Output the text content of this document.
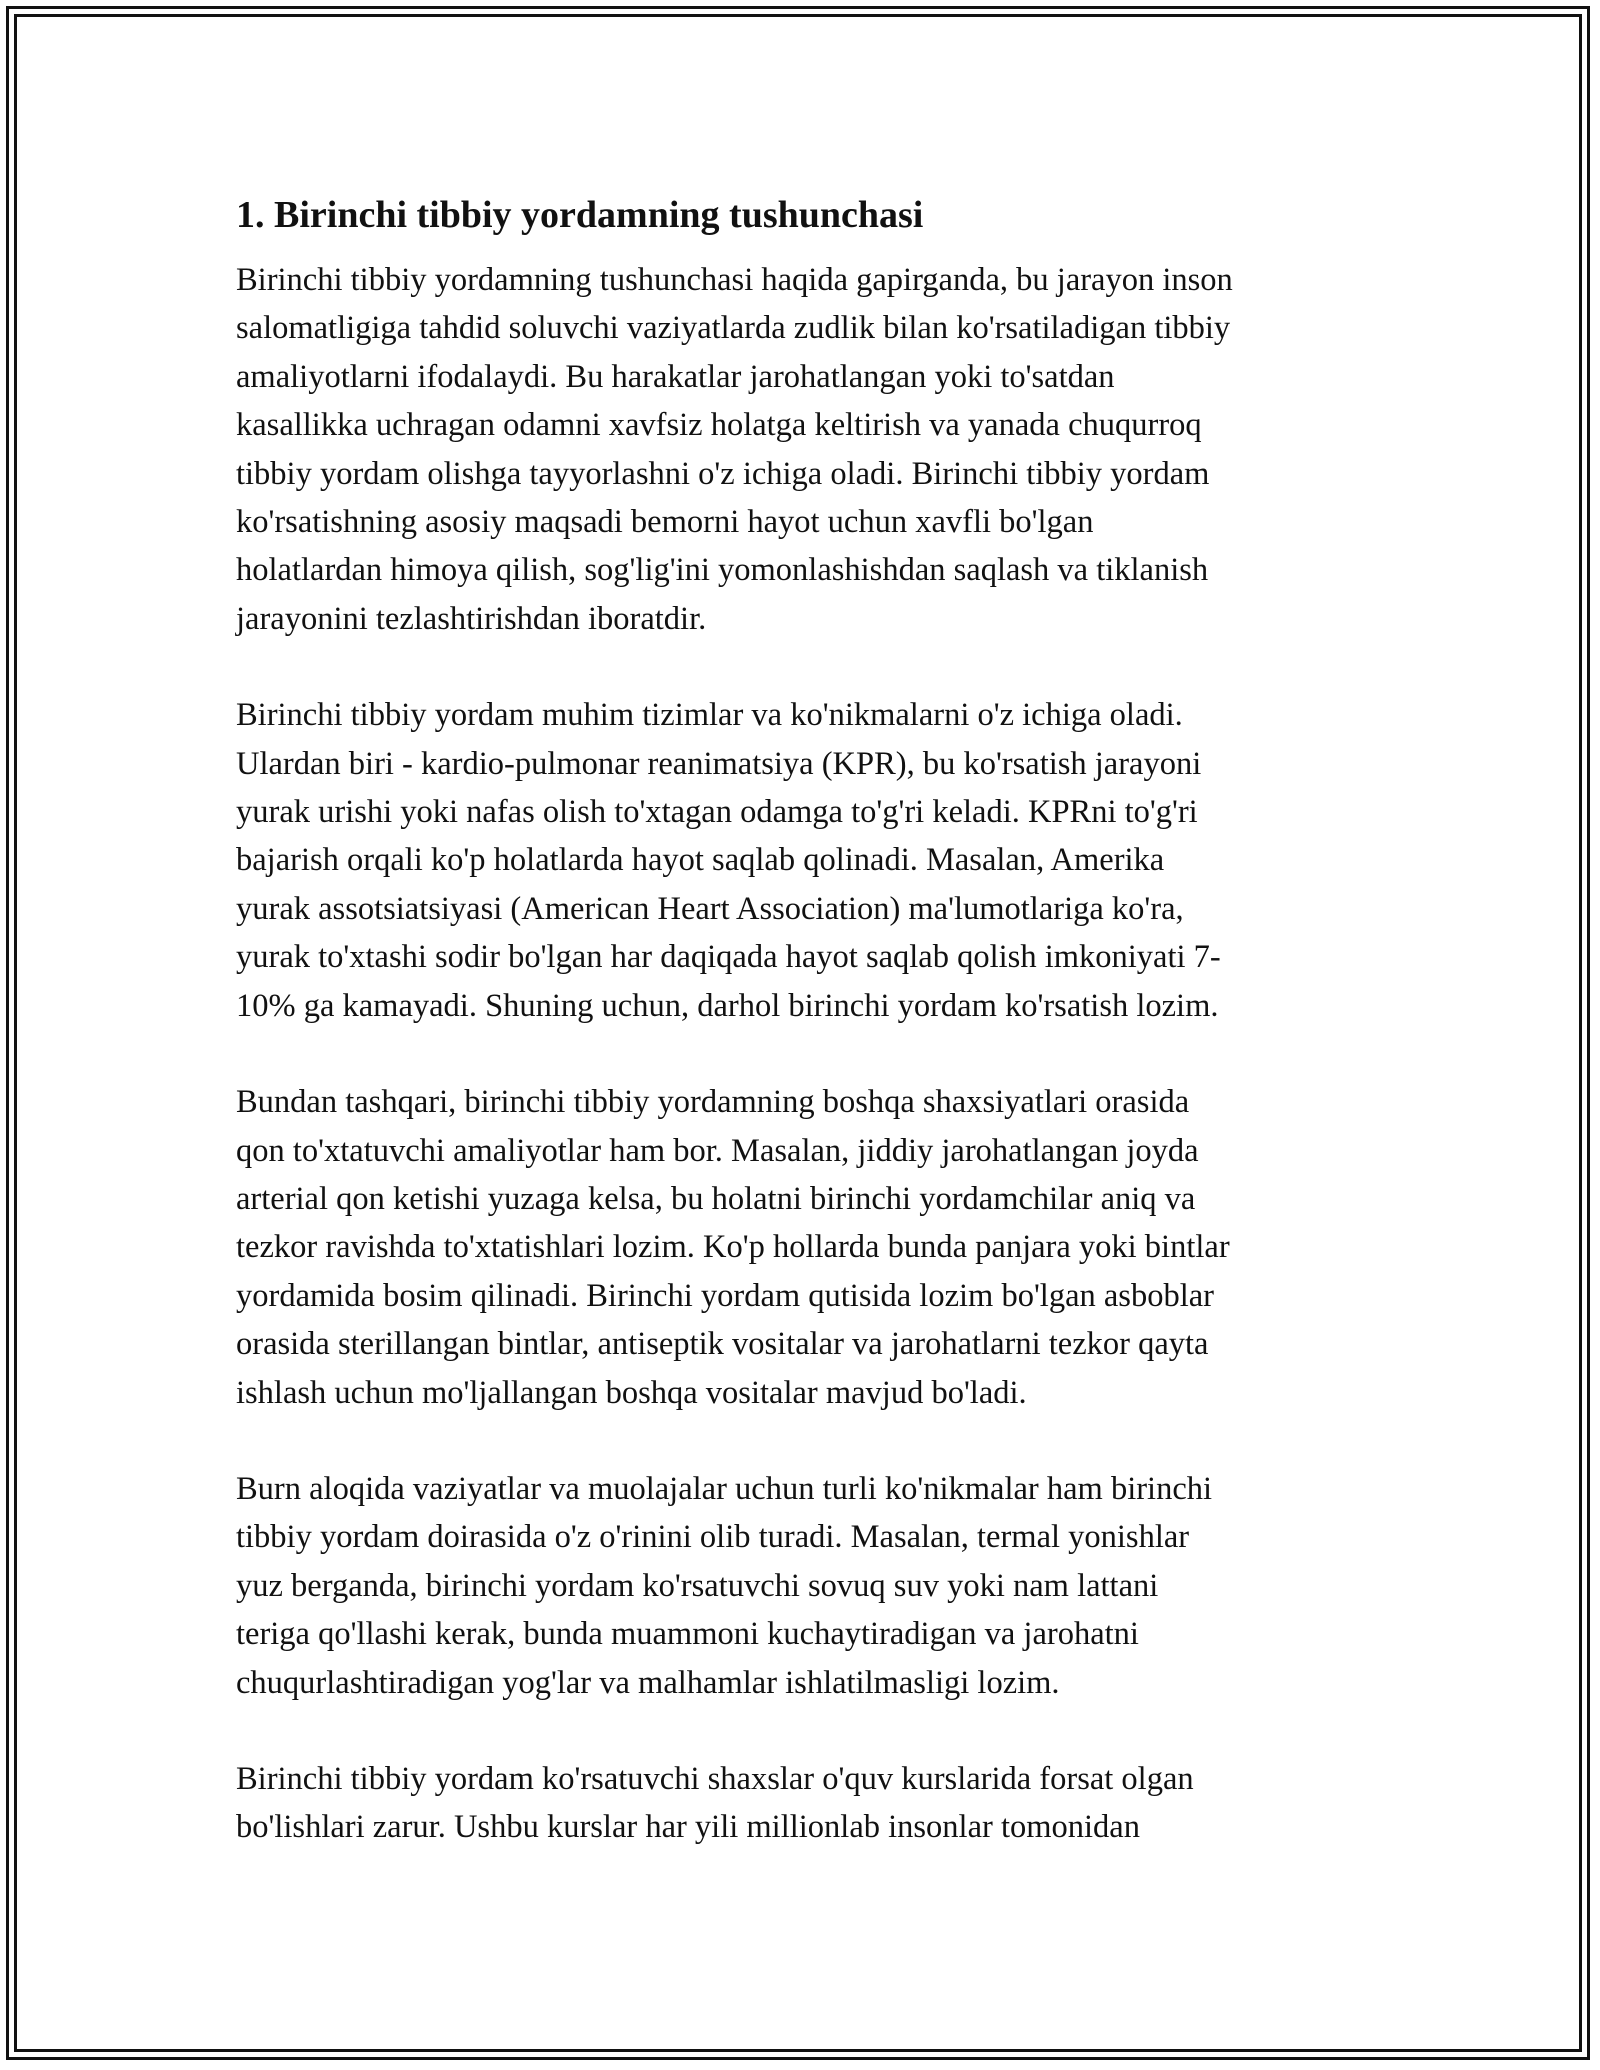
1. Birinchi tibbiy yordamning tushunchasi
Birinchi tibbiy yordamning tushunchasi haqida gapirganda, bu jarayon inson
salomatligiga tahdid soluvchi vaziyatlarda zudlik bilan ko'rsatiladigan tibbiy
amaliyotlarni ifodalaydi. Bu harakatlar jarohatlangan yoki to'satdan
kasallikka uchragan odamni xavfsiz holatga keltirish va yanada chuqurroq
tibbiy yordam olishga tayyorlashni o'z ichiga oladi. Birinchi tibbiy yordam
ko'rsatishning asosiy maqsadi bemorni hayot uchun xavfli bo'lgan
holatlardan himoya qilish, sog'lig'ini yomonlashishdan saqlash va tiklanish
jarayonini tezlashtirishdan iboratdir.
Birinchi tibbiy yordam muhim tizimlar va ko'nikmalarni o'z ichiga oladi.
Ulardan biri - kardio-pulmonar reanimatsiya (KPR), bu ko'rsatish jarayoni
yurak urishi yoki nafas olish to'xtagan odamga to'g'ri keladi. KPRni to'g'ri
bajarish orqali ko'p holatlarda hayot saqlab qolinadi. Masalan, Amerika
yurak assotsiatsiyasi (American Heart Association) ma'lumotlariga ko'ra,
yurak to'xtashi sodir bo'lgan har daqiqada hayot saqlab qolish imkoniyati 7-
10% ga kamayadi. Shuning uchun, darhol birinchi yordam ko'rsatish lozim.
Bundan tashqari, birinchi tibbiy yordamning boshqa shaxsiyatlari orasida
qon to'xtatuvchi amaliyotlar ham bor. Masalan, jiddiy jarohatlangan joyda
arterial qon ketishi yuzaga kelsa, bu holatni birinchi yordamchilar aniq va
tezkor ravishda to'xtatishlari lozim. Ko'p hollarda bunda panjara yoki bintlar
yordamida bosim qilinadi. Birinchi yordam qutisida lozim bo'lgan asboblar
orasida sterillangan bintlar, antiseptik vositalar va jarohatlarni tezkor qayta
ishlash uchun mo'ljallangan boshqa vositalar mavjud bo'ladi.
Burn aloqida vaziyatlar va muolajalar uchun turli ko'nikmalar ham birinchi
tibbiy yordam doirasida o'z o'rinini olib turadi. Masalan, termal yonishlar
yuz berganda, birinchi yordam ko'rsatuvchi sovuq suv yoki nam lattani
teriga qo'llashi kerak, bunda muammoni kuchaytiradigan va jarohatni
chuqurlashtiradigan yog'lar va malhamlar ishlatilmasligi lozim.
Birinchi tibbiy yordam ko'rsatuvchi shaxslar o'quv kurslarida forsat olgan
bo'lishlari zarur. Ushbu kurslar har yili millionlab insonlar tomonidan
